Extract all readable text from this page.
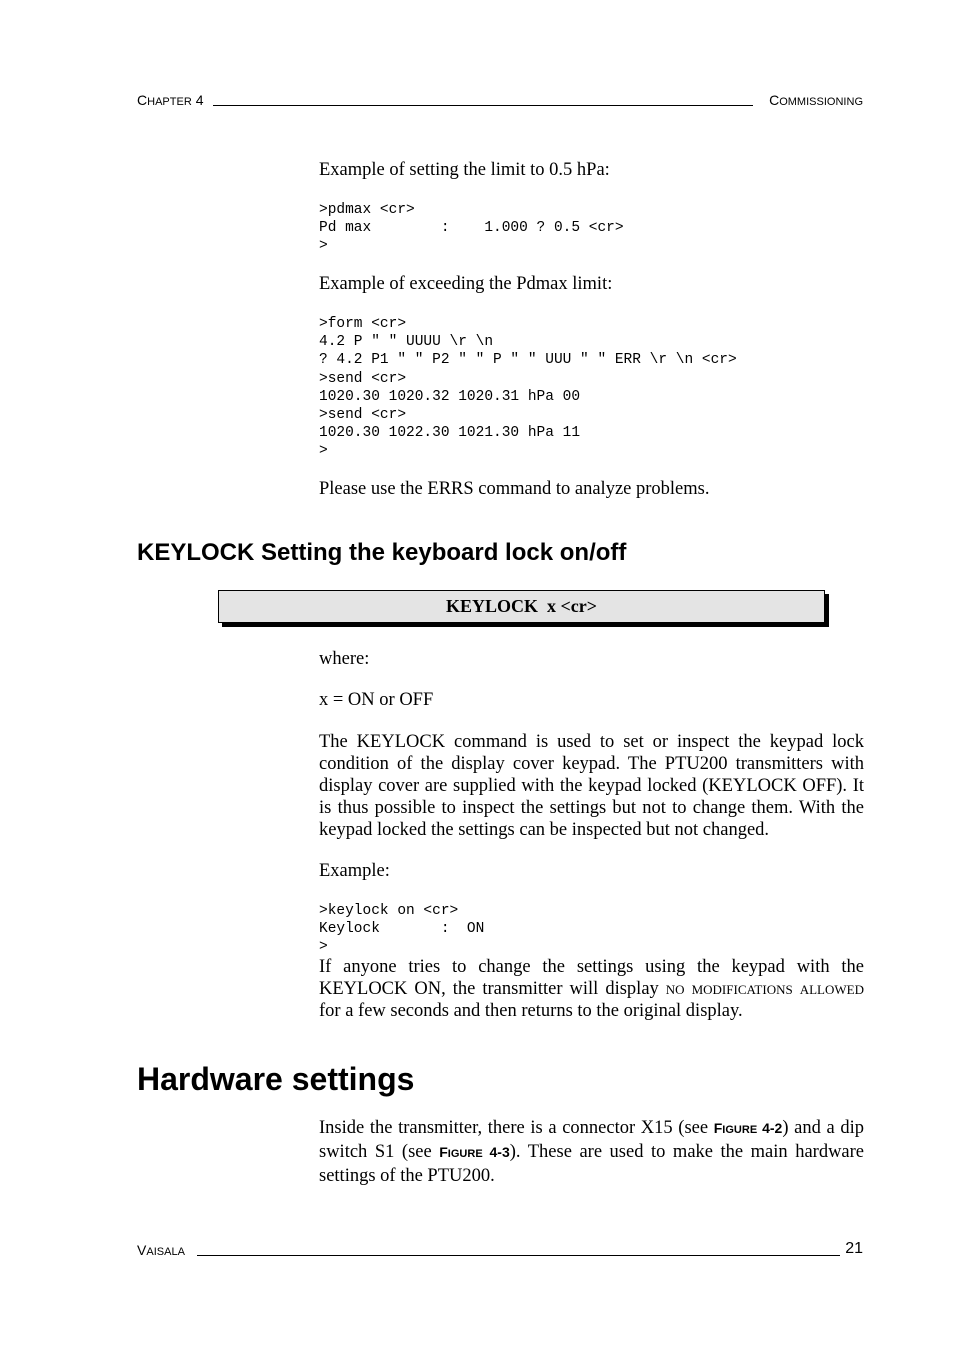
CHAPTER 4	COMMISSIONING
Example of setting the limit to 0.5 hPa:
>pdmax <cr>
Pd max        :    1.000 ? 0.5 <cr>
>
Example of exceeding the Pdmax limit:
>form <cr>
4.2 P " " UUUU \r \n
? 4.2 P1 " " P2 " " P " " UUU " " ERR \r \n <cr>
>send <cr>
1020.30 1020.32 1020.31 hPa 00
>send <cr>
1020.30 1022.30 1021.30 hPa 11
>
Please use the ERRS command to analyze problems.
KEYLOCK Setting the keyboard lock on/off
KEYLOCK  x <cr>
where:
x = ON or OFF
The KEYLOCK command is used to set or inspect the keypad lock condition of the display cover keypad. The PTU200 transmitters with display cover are supplied with the keypad locked (KEYLOCK OFF). It is thus possible to inspect the settings but not to change them. With the keypad locked the settings can be inspected but not changed.
Example:
>keylock on <cr>
Keylock       :  ON
>
If anyone tries to change the settings using the keypad with the KEYLOCK ON, the transmitter will display no modifications allowed for a few seconds and then returns to the original display.
Hardware settings
Inside the transmitter, there is a connector X15 (see FIGURE 4-2) and a dip switch S1 (see FIGURE 4-3). These are used to make the main hardware settings of the PTU200.
VAISALA	21
